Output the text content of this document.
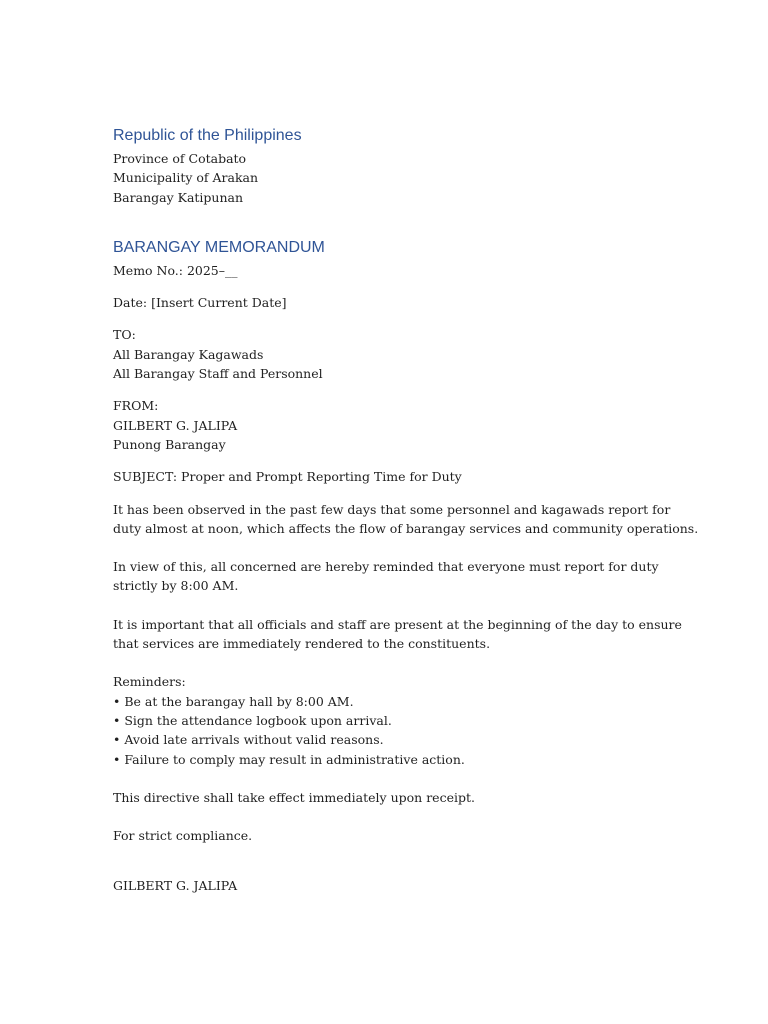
Republic of the Philippines
Province of Cotabato
Municipality of Arakan
Barangay Katipunan
BARANGAY MEMORANDUM
Memo No.: 2025–__
Date: [Insert Current Date]
TO:
All Barangay Kagawads
All Barangay Staff and Personnel
FROM:
GILBERT G. JALIPA
Punong Barangay
SUBJECT: Proper and Prompt Reporting Time for Duty
It has been observed in the past few days that some personnel and kagawads report for
duty almost at noon, which affects the flow of barangay services and community operations.
In view of this, all concerned are hereby reminded that everyone must report for duty
strictly by 8:00 AM.
It is important that all officials and staff are present at the beginning of the day to ensure
that services are immediately rendered to the constituents.
Reminders:
• Be at the barangay hall by 8:00 AM.
• Sign the attendance logbook upon arrival.
• Avoid late arrivals without valid reasons.
• Failure to comply may result in administrative action.
This directive shall take effect immediately upon receipt.
For strict compliance.
GILBERT G. JALIPA
